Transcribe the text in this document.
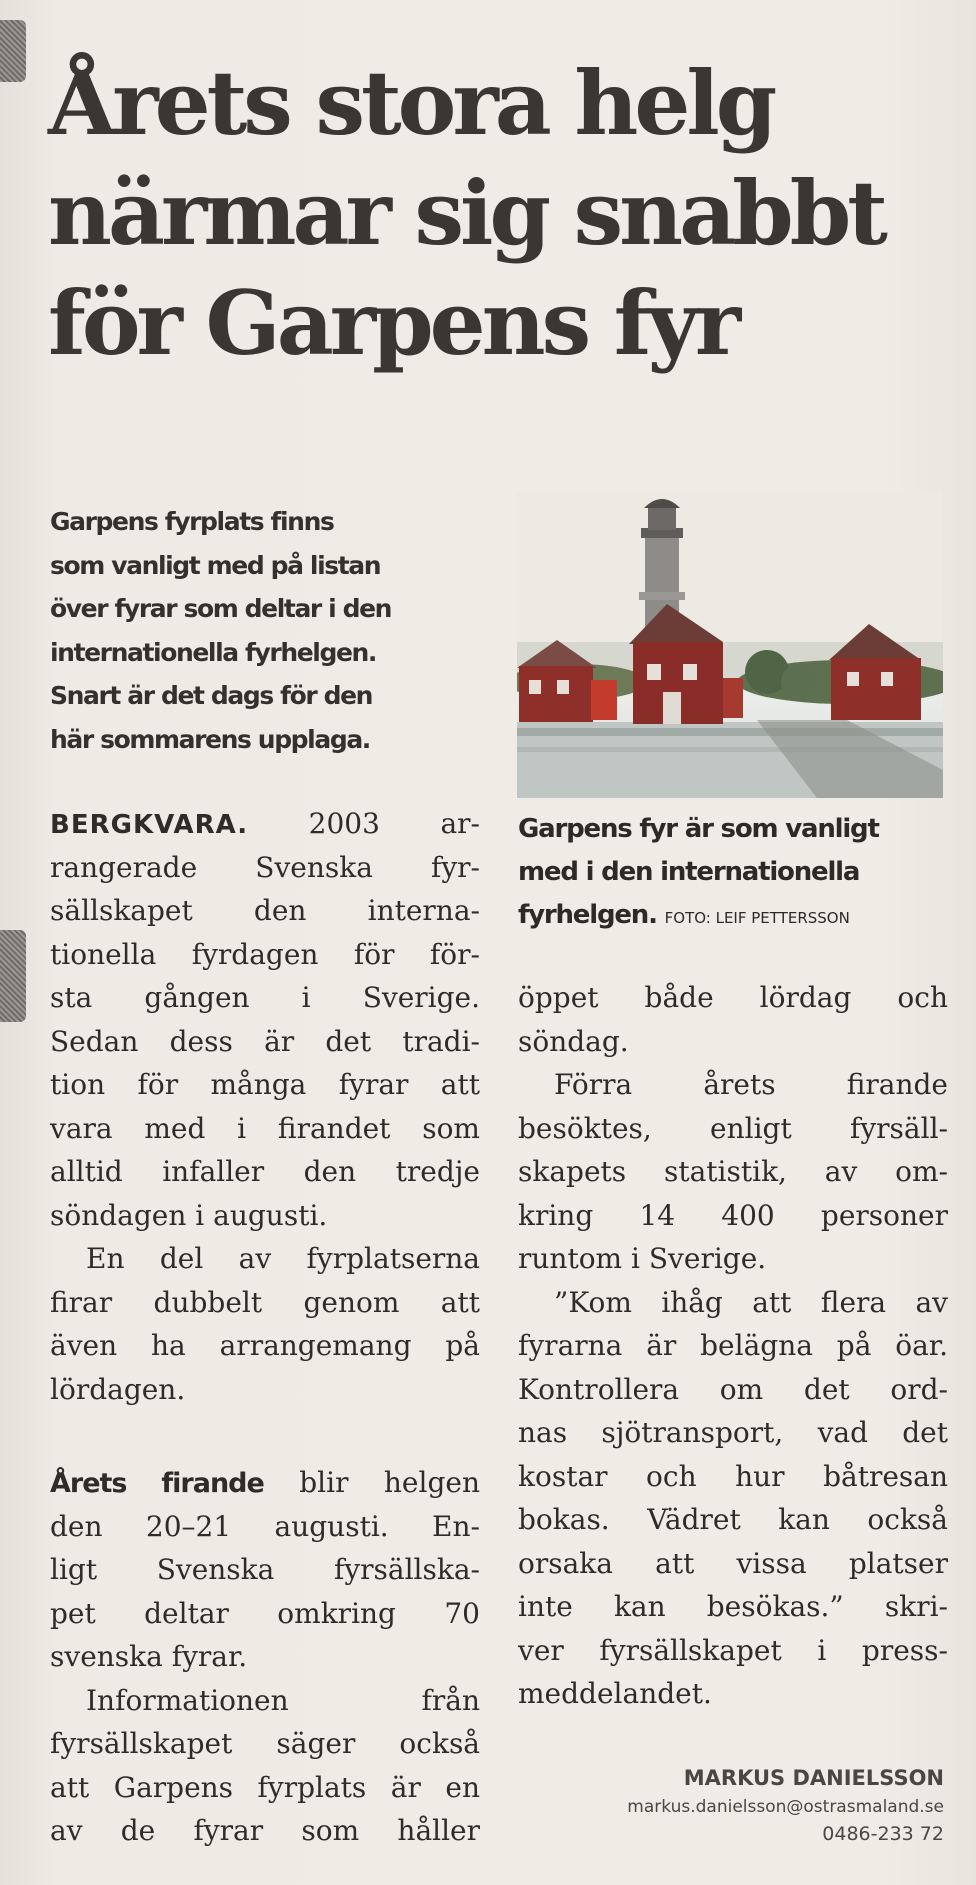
Årets stora helg
närmar sig snabbt
för Garpens fyr
Garpens fyrplats finns
som vanligt med på listan
över fyrar som deltar i den
internationella fyrhelgen.
Snart är det dags för den
här sommarens upplaga.
BERGKVARA. 2003 ar-
rangerade Svenska fyr-
sällskapet den interna-
tionella fyrdagen för för-
sta gången i Sverige.
Sedan dess är det tradi-
tion för många fyrar att
vara med i firandet som
alltid infaller den tredje
söndagen i augusti.
En del av fyrplatserna
firar dubbelt genom att
även ha arrangemang på
lördagen.
Årets firande blir helgen
den 20–21 augusti. En-
ligt Svenska fyrsällska-
pet deltar omkring 70
svenska fyrar.
Informationen från
fyrsällskapet säger också
att Garpens fyrplats är en
av de fyrar som håller
Garpens fyr är som vanligt
med i den internationella
fyrhelgen. FOTO: LEIF PETTERSSON
öppet både lördag och
söndag.
Förra årets firande
besöktes, enligt fyrsäll-
skapets statistik, av om-
kring 14 400 personer
runtom i Sverige.
”Kom ihåg att flera av
fyrarna är belägna på öar.
Kontrollera om det ord-
nas sjötransport, vad det
kostar och hur båtresan
bokas. Vädret kan också
orsaka att vissa platser
inte kan besökas.” skri-
ver fyrsällskapet i press-
meddelandet.
MARKUS DANIELSSON
markus.danielsson@ostrasmaland.se
0486-233 72
